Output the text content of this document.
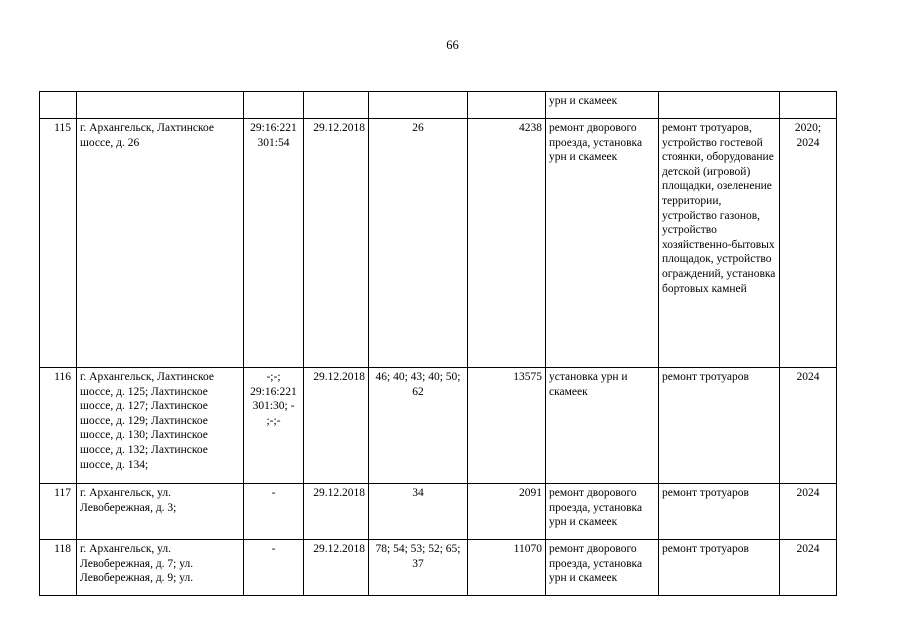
66
						урн и скамеек		
115	г. Архангельск, Лахтинское шоссе, д. 26	29:16:221 301:54	29.12.2018	26	4238	ремонт дворового проезда, установка урн и скамеек	ремонт тротуаров, устройство гостевой стоянки, оборудование детской (игровой) площадки, озеленение территории, устройство газонов, устройство хозяйственно-бытовых площадок, устройство ограждений, установка бортовых камней	2020; 2024
116	г. Архангельск, Лахтинское шоссе, д. 125; Лахтинское шоссе, д. 127; Лахтинское шоссе, д. 129; Лахтинское шоссе, д. 130; Лахтинское шоссе, д. 132; Лахтинское шоссе, д. 134;	-;-; 29:16:221 301:30; - ;-;-	29.12.2018	46; 40; 43; 40; 50; 62	13575	установка урн и скамеек	ремонт тротуаров	2024
117	г. Архангельск, ул. Левобережная, д. 3;	-	29.12.2018	34	2091	ремонт дворового проезда, установка урн и скамеек	ремонт тротуаров	2024
118	г. Архангельск, ул. Левобережная, д. 7; ул. Левобережная, д. 9; ул.	-	29.12.2018	78; 54; 53; 52; 65; 37	11070	ремонт дворового проезда, установка урн и скамеек	ремонт тротуаров	2024
